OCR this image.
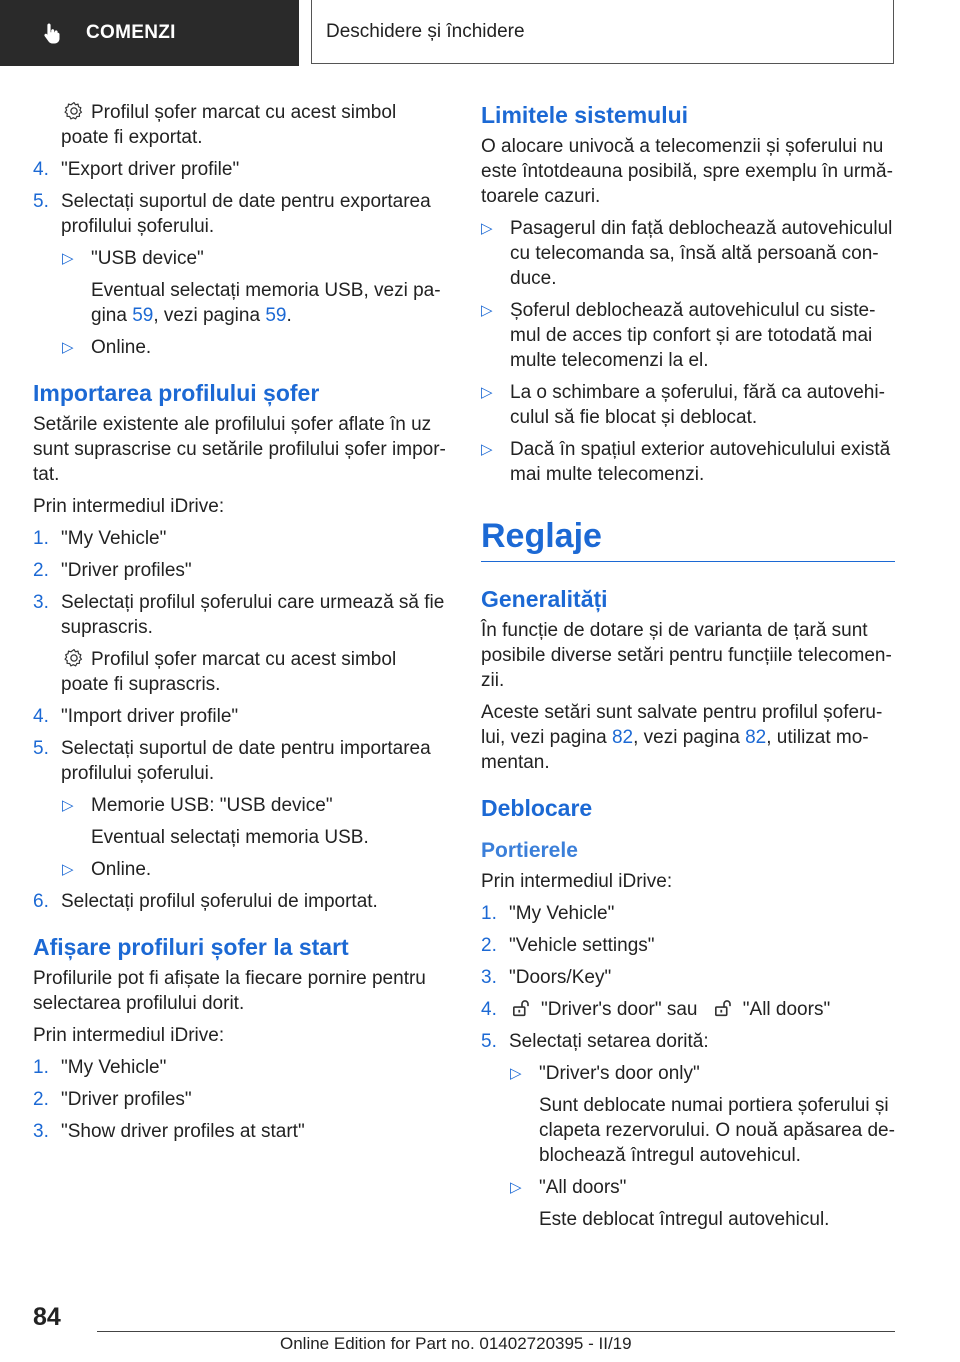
COMENZI	Deschidere și închidere

Profilul șofer marcat cu acest simbol poate fi exportat.

4. "Export driver profile"
5. Selectați suportul de date pentru exportarea profilului șoferului.
▷ "USB device"
Eventual selectați memoria USB, vezi pa-gina 59, vezi pagina 59.
▷ Online.
Importarea profilului șofer

Setările existente ale profilului șofer aflate în uz sunt suprascrise cu setările profilului șofer impor-tat.

Prin intermediul iDrive:

1. "My Vehicle"
2. "Driver profiles"
3. Selectați profilul șoferului care urmează să fie suprascris.

Profilul șofer marcat cu acest simbol poate fi suprascris.

4. "Import driver profile"
5. Selectați suportul de date pentru importarea profilului șoferului.
▷ Memorie USB: "USB device"
Eventual selectați memoria USB.
▷ Online.
6. Selectați profilul șoferului de importat.
Afișare profiluri șofer la start

Profilurile pot fi afișate la fiecare pornire pentru selectarea profilului dorit.

Prin intermediul iDrive:

1. "My Vehicle"
2. "Driver profiles"
3. "Show driver profiles at start"
Limitele sistemului

O alocare univocă a telecomenzii și șoferului nu este întotdeauna posibilă, spre exemplu în urmă-toarele cazuri.

▷ Pasagerul din față deblochează autovehiculul cu telecomanda sa, însă altă persoană con-duce.
▷ Șoferul deblochează autovehiculul cu siste-mul de acces tip confort și are totodată mai multe telecomenzi la el.
▷ La o schimbare a șoferului, fără ca autovehi-culul să fie blocat și deblocat.
▷ Dacă în spațiul exterior autovehiculului există mai multe telecomenzi.
Reglaje
Generalități

În funcție de dotare și de varianta de țară sunt posibile diverse setări pentru funcțiile telecomen-zii.

Aceste setări sunt salvate pentru profilul șoferu-lui, vezi pagina 82, vezi pagina 82, utilizat mo-mentan.

Deblocare
Portierele

Prin intermediul iDrive:

1. "My Vehicle"
2. "Vehicle settings"
3. "Doors/Key"
4.	"Driver's door" sau "All doors"
5. Selectați setarea dorită:
▷ "Driver's door only"
Sunt deblocate numai portiera șoferului și clapeta rezervorului. O nouă apăsarea de-blochează întregul autovehicul.
▷ "All doors"
Este deblocat întregul autovehicul.
84
Online Edition for Part no. 01402720395 - II/19
